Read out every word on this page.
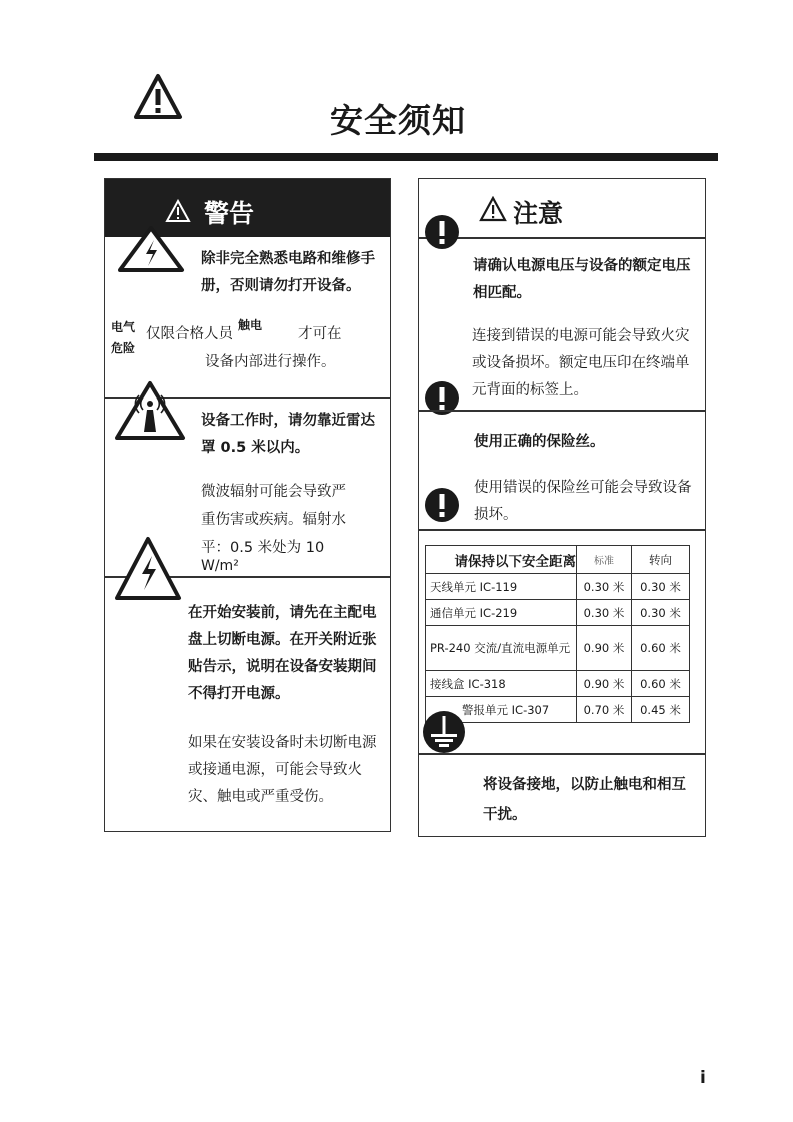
安全须知
警告
除非完全熟悉电路和维修手册，否则请勿打开设备。
电气危险
仅限合格人员
触电
才可在
设备内部进行操作。
设备工作时，请勿靠近雷达罩 0.5 米以内。
微波辐射可能会导致严
重伤害或疾病。辐射水
平：0.5 米处为 10
W/m²
在开始安装前，请先在主配电盘上切断电源。在开关附近张贴告示，说明在设备安装期间不得打开电源。
如果在安装设备时未切断电源或接通电源，可能会导致火灾、触电或严重受伤。
注意
请确认电源电压与设备的额定电压相匹配。
连接到错误的电源可能会导致火灾或设备损坏。额定电压印在终端单元背面的标签上。
使用正确的保险丝。
使用错误的保险丝可能会导致设备损坏。
请保持以下安全距离	标准	转向
天线单元 IC-119	0.30 米	0.30 米
通信单元 IC-219	0.30 米	0.30 米
PR-240 交流/直流电源单元	0.90 米	0.60 米
接线盒 IC-318	0.90 米	0.60 米
警报单元 IC-307	0.70 米	0.45 米
将设备接地，以防止触电和相互干扰。
i
